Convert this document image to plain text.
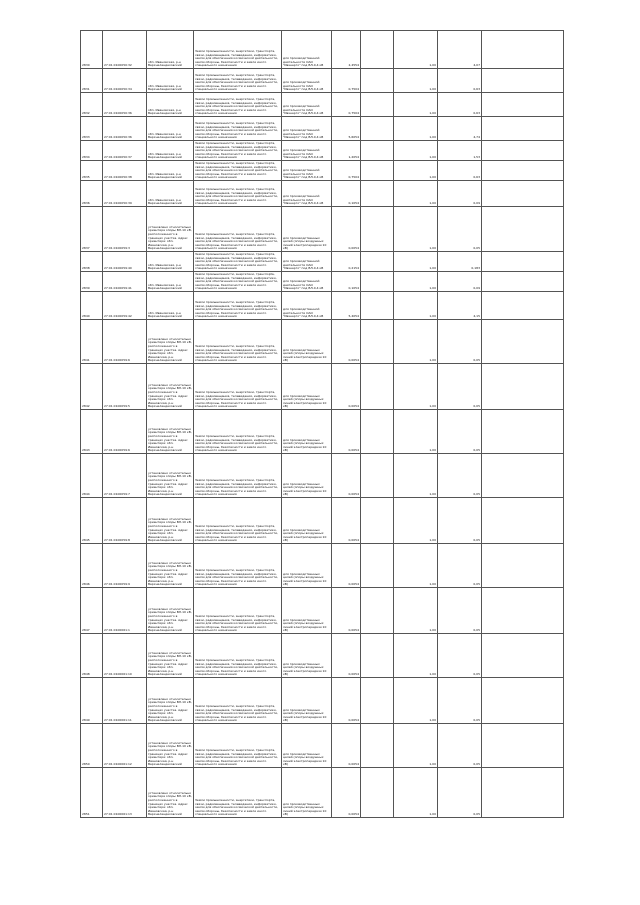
2830	27:01:0100050:32	обл. Ивановская, р-н Верхнеландеховский	Земли промышленности, энергетики, транспорта, связи, радиовещания, телевидения, информатики, земли для обеспечения космической деятельности, земли обороны, безопасности и земли иного специального назначения	для производственной деятельности ОАО "Ивэнерго" под ВЛ-0,4 кВ	2,4554		1,00	4,07	
2831	27:01:0100050:34	обл. Ивановская, р-н Верхнеландеховский	Земли промышленности, энергетики, транспорта, связи, радиовещания, телевидения, информатики, земли для обеспечения космической деятельности, земли обороны, безопасности и земли иного специального назначения	для производственной деятельности ОАО "Ивэнерго" под ВЛ-0,4 кВ	0,7504		1,00	0,63	
2832	27:01:0100050:36	обл. Ивановская, р-н Верхнеландеховский	Земли промышленности, энергетики, транспорта, связи, радиовещания, телевидения, информатики, земли для обеспечения космической деятельности, земли обороны, безопасности и земли иного специального назначения	для производственной деятельности ОАО "Ивэнерго" под ВЛ-0,4 кВ	0,7504		1,00	0,63	
2833	27:01:0100050:36	обл. Ивановская, р-н Верхнеландеховский	Земли промышленности, энергетики, транспорта, связи, радиовещания, телевидения, информатики, земли для обеспечения космической деятельности, земли обороны, безопасности и земли иного специального назначения	для производственной деятельности ОАО "Ивэнерго" под ВЛ-0,4 кВ	5,6054		1,00	4,74	
2834	27:01:0100050:37	обл. Ивановская, р-н Верхнеландеховский	Земли промышленности, энергетики, транспорта, связи, радиовещания, телевидения, информатики, земли для обеспечения космической деятельности, земли обороны, безопасности и земли иного специального назначения	для производственной деятельности ОАО "Ивэнерго" под ВЛ-0,4 кВ	1,2054		1,00	1,53	
2835	27:01:0100050:38	обл. Ивановская, р-н Верхнеландеховский	Земли промышленности, энергетики, транспорта, связи, радиовещания, телевидения, информатики, земли для обеспечения космической деятельности, земли обороны, безопасности и земли иного специального назначения	для производственной деятельности ОАО "Ивэнерго" под ВЛ-0,4 кВ	0,7504		1,00	0,63	
2836	27:01:0100050:39	обл. Ивановская, р-н Верхнеландеховский	Земли промышленности, энергетики, транспорта, связи, радиовещания, телевидения, информатики, земли для обеспечения космической деятельности, земли обороны, безопасности и земли иного специального назначения	для производственной деятельности ОАО "Ивэнерго" под ВЛ-0,4 кВ	0,1054		1,00	0,09	
2837	27:01:0100059:3	установлено относительно ориентира опоры ВЛ-10 кВ, расположенного в границах участка. Адрес ориентира: обл. Ивановская, р-н Верхнеландеховский	Земли промышленности, энергетики, транспорта, связи, радиовещания, телевидения, информатики, земли для обеспечения космической деятельности, земли обороны, безопасности и земли иного специального назначения	для производственных целей (опоры воздушных линий электропередачи 10 кВ)	0,0054		1,00	0,05	
2838	27:01:0100059:40	обл. Ивановская, р-н Верхнеландеховский	Земли промышленности, энергетики, транспорта, связи, радиовещания, телевидения, информатики, земли для обеспечения космической деятельности, земли обороны, безопасности и земли иного специального назначения	для производственной деятельности ОАО "Ивэнерго" под ВЛ-0,4 кВ	0,2154		1,00	0,183	
2839	27:01:0100059:41	обл. Ивановская, р-н Верхнеландеховский	Земли промышленности, энергетики, транспорta, связи, радиовещания, телевидения, информатики, земли для обеспечения космической деятельности, земли обороны, безопасности и земли иного специального назначения	для производственной деятельности ОАО "Ивэнерго" под ВЛ-0,4 кВ	0,1054		1,00	0,09	
2840	27:01:0100059:42	обл. Ивановская, р-н Верхнеландеховский	Земли промышленности, энергетики, транспорта, связи, радиовещания, телевидения, информатики, земли для обеспечения космической деятельности, земли обороны, безопасности и земли иного специального назначения	для производственной деятельности ОАО "Ивэнерго" под ВЛ-0,4 кВ	5,4054		1,00	4,15	
2841	27:01:0100059:6	установлено относительно ориентира опоры ВЛ-10 кВ, расположенного в границах участка. Адрес ориентира: обл. Ивановская, р-н Верхнеландеховский	Земли промышленности, энергетики, транспорта, связи, радиовещания, телевидения, информатики, земли для обеспечения космической деятельности, земли обороны, безопасности и земли иного специального назначения	для производственных целей (опоры воздушных линий электропередачи 10 кВ)	0,0054		1,00	0,05	
2842	27:01:0100059:5	установлено относительно ориентира опоры ВЛ-10 кВ, расположенного в границах участка. Адрес ориентира: обл. Ивановская, р-н Верхнеландеховский	Земли промышленности, энергетики, транспорта, связи, радиовещания, телевидения, информатики, земли для обеспечения космической деятельности, земли обороны, безопасности и земли иного специального назначения	для производственных целей (опоры воздушных линий электропередачи 10 кВ)	0,0054		1,00	0,05	
2843	27:01:0100059:6	установлено относительно ориентира опоры ВЛ-10 кВ, расположенного в границах участка. Адрес ориентира: обл. Ивановская, р-н Верхнеландеховский	Земли промышленности, энергетики, транспорта, связи, радиовещания, телевидения, информатики, земли для обеспечения космической деятельности, земли обороны, безопасности и земли иного специального назначения	для производственных целей (опоры воздушных линий электропередачи 10 кВ)	0,0054		1,00	0,05	
2844	27:01:0100059:7	установлено относительно ориентира опоры ВЛ-10 кВ, расположенного в границах участка. Адрес ориентира: обл. Ивановская, р-н Верхнеландеховский	Земли промышленности, энергетики, транспорта, связи, радиовещания, телевидения, информатики, земли для обеспечения космической деятельности, земли обороны, безопасности и земли иного специального назначения	для производственных целей (опоры воздушных линий электропередачи 10 кВ)	0,0054		1,00	0,05	
2845	27:01:0100059:8	установлено относительно ориентира опоры ВЛ-10 кВ, расположенного в границах участка. Адрес ориентира: обл. Ивановская, р-н Верхнеландеховский	Земли промышленности, энергетики, транспорта, связи, радиовещания, телевидения, информатики, земли для обеспечения космической деятельности, земли обороны, безопасности и земли иного специального назначения	для производственных целей (опоры воздушных линий электропередачи 10 кВ)	0,0054		1,00	0,05	
2846	27:01:0100059:9	установлено относительно ориентира опоры ВЛ-10 кВ, расположенного в границах участка. Адрес ориентира: обл. Ивановская, р-н Верхнеландеховский	Земли промышленности, энергетики, транспорта, связи, радиовещания, телевидения, информатики, земли для обеспечения космической деятельности, земли обороны, безопасности и земли иного специального назначения	для производственных целей (опоры воздушных линий электропередачи 10 кВ)	0,0054		1,00	0,05	
2847	27:01:0100061:1	установлено относительно ориентира опоры ВЛ-10 кВ, расположенного в границах участка. Адрес ориентира: обл. Ивановская, р-н Верхнеландеховский	Земли промышленности, энергетики, транспорта, связи, радиовещания, телевидения, информатики, земли для обеспечения космической деятельности, земли обороны, безопасности и земли иного специального назначения	для производственных целей (опоры воздушных линий электропередачи 10 кВ)	0,0054		1,00	0,05	
2848	27:01:0100061:10	установлено относительно ориентира опоры ВЛ-10 кВ, расположенного в границах участка. Адрес ориентира: обл. Ивановская, р-н Верхнеландеховский	Земли промышленности, энергетики, транспорта, связи, радиовещания, телевидения, информатики, земли для обеспечения космической деятельности, земли обороны, безопасности и земли иного специального назначения	для производственных целей (опоры воздушных линий электропередачи 10 кВ)	0,0054		1,00	0,05	
2849	27:01:0100061:11	установлено относительно ориентира опоры ВЛ-10 кВ, расположенного в границах участка. Адрес ориентира: обл. Ивановская, р-н Верхнеландеховский	Земли промышленности, энергетики, транспорта, связи, радиовещания, телевидения, информатики, земли для обеспечения космической деятельности, земли обороны, безопасности и земли иного специального назначения	для производственных целей (опоры воздушных линий электропередачи 10 кВ)	0,0054		1,00	0,05	
2850	27:01:0100061:12	установлено относительно ориентира опоры ВЛ-10 кВ, расположенного в границах участка. Адрес ориентира: обл. Ивановская, р-н Верхнеландеховский	Земли промышленности, энергетики, транспорта, связи, радиовещания, телевидения, информатики, земли для обеспечения космической деятельности, земли обороны, безопасности и земли иного специального назначения	для производственных целей (опоры воздушных линий электропередачи 10 кВ)	0,0054		1,00	0,05	
2851	27:01:0100061:13	установлено относительно ориентира опоры ВЛ-10 кВ, расположенного в границах участка. Адрес ориентира: обл. Ивановская, р-н Верхнеландеховский	Земли промышленности, энергетики, транспорта, связи, радиовещания, телевидения, информатики, земли для обеспечения космической деятельности, земли обороны, безопасности и земли иного специального назначения	для производственных целей (опоры воздушных линий электропередачи 10 кВ)	0,0054		1,00	0,05	
